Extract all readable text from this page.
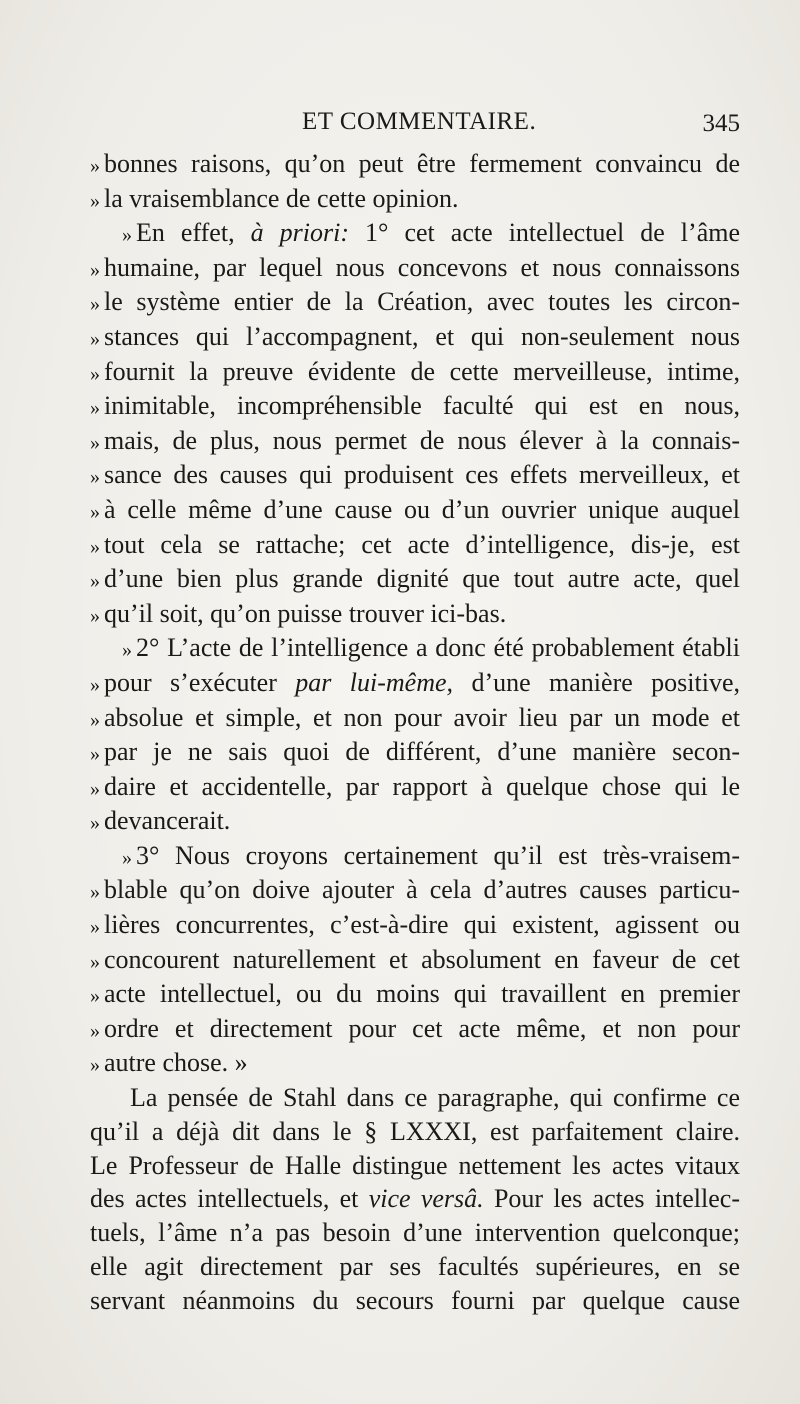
ET COMMENTAIRE.	345
» bonnes raisons, qu’on peut être fermement convaincu de
» la vraisemblance de cette opinion.
» En effet, à priori: 1° cet acte intellectuel de l’âme
» humaine, par lequel nous concevons et nous connaissons
» le système entier de la Création, avec toutes les circon-
» stances qui l’accompagnent, et qui non-seulement nous
» fournit la preuve évidente de cette merveilleuse, intime,
» inimitable, incompréhensible faculté qui est en nous,
» mais, de plus, nous permet de nous élever à la connais-
» sance des causes qui produisent ces effets merveilleux, et
» à celle même d’une cause ou d’un ouvrier unique auquel
» tout cela se rattache; cet acte d’intelligence, dis-je, est
» d’une bien plus grande dignité que tout autre acte, quel
» qu’il soit, qu’on puisse trouver ici-bas.
» 2° L’acte de l’intelligence a donc été probablement établi
» pour s’exécuter par lui-même, d’une manière positive,
» absolue et simple, et non pour avoir lieu par un mode et
» par je ne sais quoi de différent, d’une manière secon-
» daire et accidentelle, par rapport à quelque chose qui le
» devancerait.
» 3° Nous croyons certainement qu’il est très-vraisem-
» blable qu’on doive ajouter à cela d’autres causes particu-
» lières concurrentes, c’est-à-dire qui existent, agissent ou
» concourent naturellement et absolument en faveur de cet
» acte intellectuel, ou du moins qui travaillent en premier
» ordre et directement pour cet acte même, et non pour
» autre chose. »
La pensée de Stahl dans ce paragraphe, qui confirme ce
qu’il a déjà dit dans le § LXXXI, est parfaitement claire.
Le Professeur de Halle distingue nettement les actes vitaux
des actes intellectuels, et vice versâ. Pour les actes intellec-
tuels, l’âme n’a pas besoin d’une intervention quelconque;
elle agit directement par ses facultés supérieures, en se
servant néanmoins du secours fourni par quelque cause
